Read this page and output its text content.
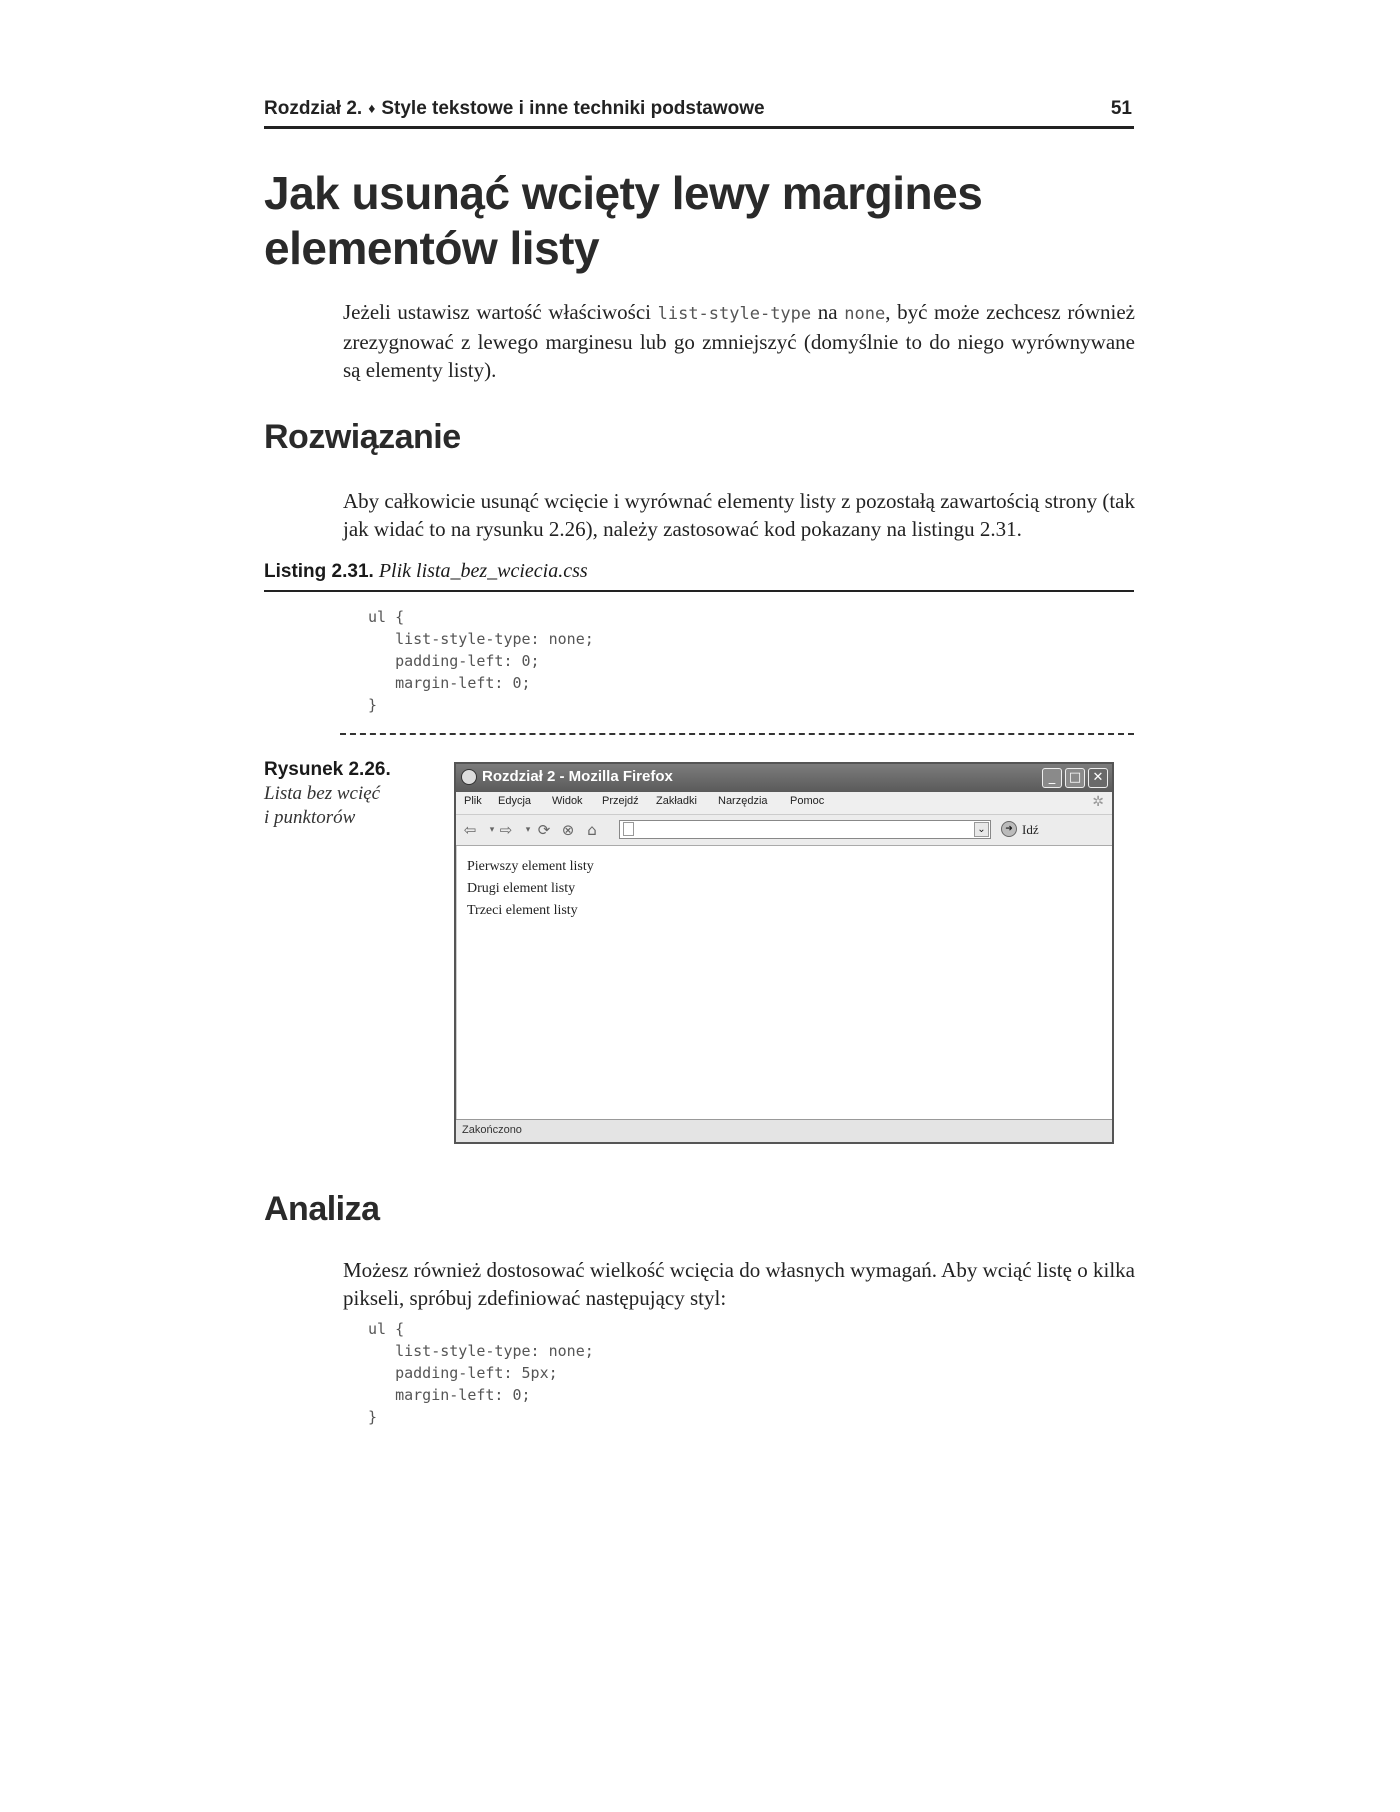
Rozdział 2. ♦ Style tekstowe i inne techniki podstawowe	51
Jak usunąć wcięty lewy margines
elementów listy

Jeżeli ustawisz wartość właściwości list-style-type na none, być może zechcesz również zrezygnować z lewego marginesu lub go zmniejszyć (domyślnie to do niego wyrównywane są elementy listy).

Rozwiązanie

Aby całkowicie usunąć wcięcie i wyrównać elementy listy z pozostałą zawartością strony (tak jak widać to na rysunku 2.26), należy zastosować kod pokazany na listingu 2.31.

Listing 2.31. Plik lista_bez_wciecia.css
ul {
list-style-type: none;
padding-left: 0;
margin-left: 0;
}
Rysunek 2.26.
Lista bez wcięć
i punktorów
Rozdział 2 - Mozilla Firefox	_	□ ✕
Plik Edycja Widok Przejdź Zakładki Narzędzia Pomoc	✲
⇦	▾ ⇨	▾ ⟳ ⊗ ⌂	⌄	➜ Idź
Pierwszy element listy
Drugi element listy
Trzeci element listy
Zakończono
Analiza

Możesz również dostosować wielkość wcięcia do własnych wymagań. Aby wciąć listę o kilka pikseli, spróbuj zdefiniować następujący styl:

ul {
list-style-type: none;
padding-left: 5px;
margin-left: 0;
}
